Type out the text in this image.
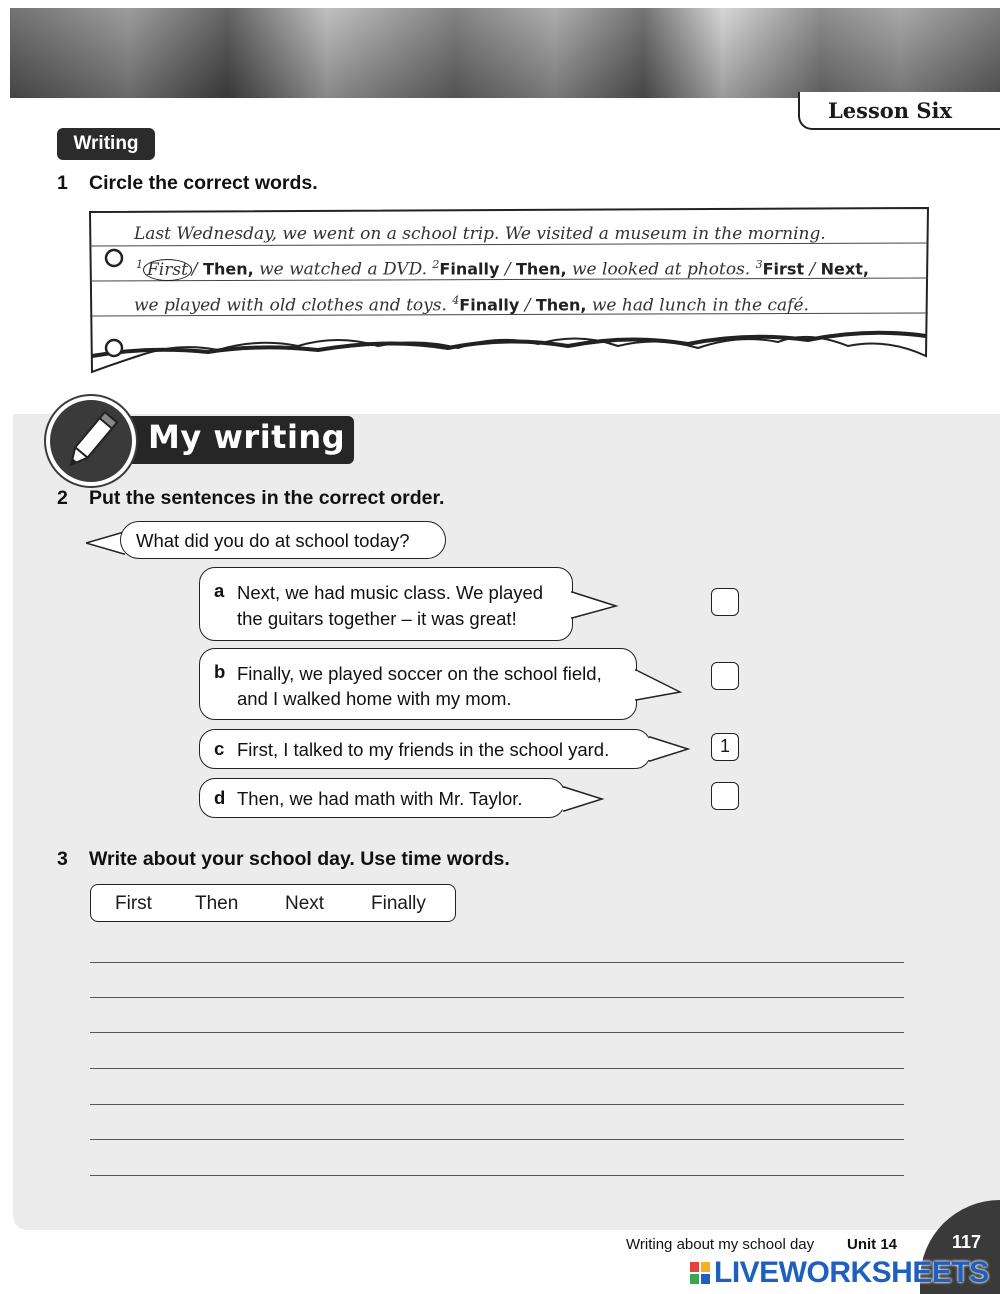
Lesson Six
Writing
1 Circle the correct words.
Last Wednesday, we went on a school trip. We visited a museum in the morning.
$^1$ First / Then, we watched a DVD. $^2$Finally / Then, we looked at photos. $^3$First / Next,
we played with old clothes and toys. $^4$Finally / Then, we had lunch in the café.
My writing
2 Put the sentences in the correct order.
What did you do at school today?
a Next, we had music class. We played
the guitars together – it was great!
b Finally, we played soccer on the school field,
and I walked home with my mom.
c First, I talked to my friends in the school yard.	1
d Then, we had math with Mr. Taylor.
3 Write about your school day. Use time words.
First Then Next Finally
Writing about my school day Unit 14	117
LIVEWORKSHEETS
